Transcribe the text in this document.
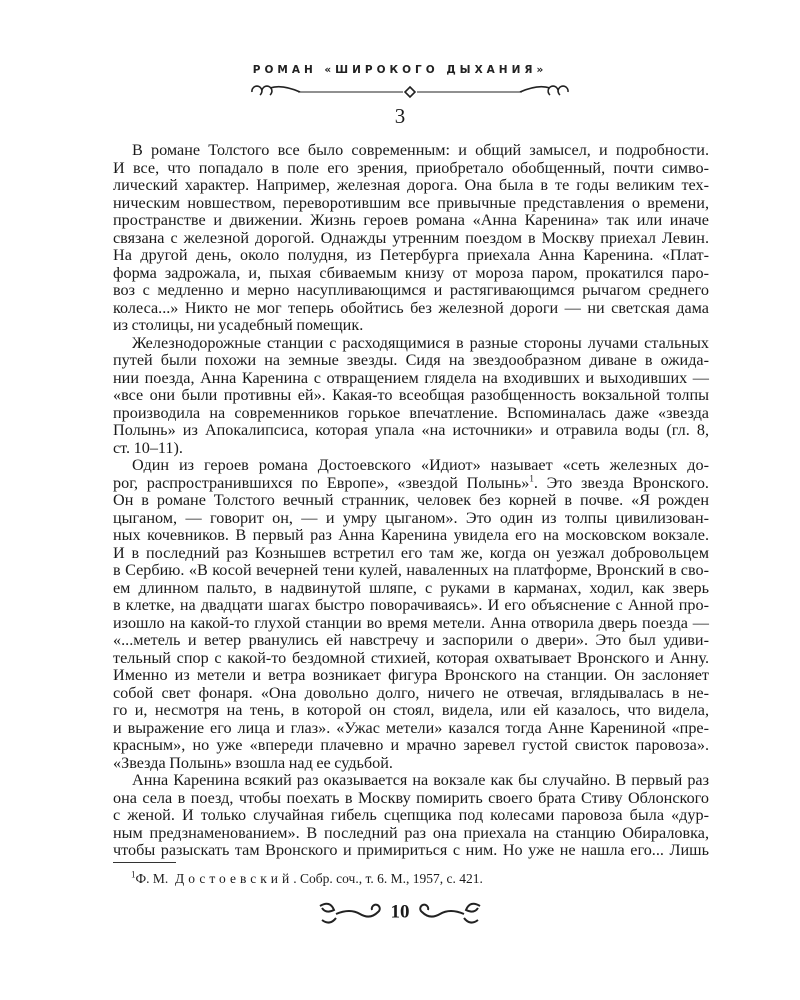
РОМАН «ШИРОКОГО ДЫХАНИЯ»
3
В романе Толстого все было современным: и общий замысел, и подробности.
И все, что попадало в поле его зрения, приобретало обобщенный, почти симво-
лический характер. Например, железная дорога. Она была в те годы великим тех-
ническим новшеством, переворотившим все привычные представления о времени,
пространстве и движении. Жизнь героев романа «Анна Каренина» так или иначе
связана с железной дорогой. Однажды утренним поездом в Москву приехал Левин.
На другой день, около полудня, из Петербурга приехала Анна Каренина. «Плат-
форма задрожала, и, пыхая сбиваемым книзу от мороза паром, прокатился паро-
воз с медленно и мерно насупливающимся и растягивающимся рычагом среднего
колеса...» Никто не мог теперь обойтись без железной дороги — ни светская дама
из столицы, ни усадебный помещик.
Железнодорожные станции с расходящимися в разные стороны лучами стальных
путей были похожи на земные звезды. Сидя на звездообразном диване в ожида-
нии поезда, Анна Каренина с отвращением глядела на входивших и выходивших —
«все они были противны ей». Какая-то всеобщая разобщенность вокзальной толпы
производила на современников горькое впечатление. Вспоминалась даже «звезда
Полынь» из Апокалипсиса, которая упала «на источники» и отравила воды (гл. 8,
ст. 10–11).
Один из героев романа Достоевского «Идиот» называет «сеть железных до-
рог, распространившихся по Европе», «звездой Полынь»$^1$. Это звезда Вронского.
Он в романе Толстого вечный странник, человек без корней в почве. «Я рожден
цыганом, — говорит он, — и умру цыганом». Это один из толпы цивилизован-
ных кочевников. В первый раз Анна Каренина увидела его на московском вокзале.
И в последний раз Кознышев встретил его там же, когда он уезжал добровольцем
в Сербию. «В косой вечерней тени кулей, наваленных на платформе, Вронский в сво-
ем длинном пальто, в надвинутой шляпе, с руками в карманах, ходил, как зверь
в клетке, на двадцати шагах быстро поворачиваясь». И его объяснение с Анной про-
изошло на какой-то глухой станции во время метели. Анна отворила дверь поезда —
«...метель и ветер рванулись ей навстречу и заспорили о двери». Это был удиви-
тельный спор с какой-то бездомной стихией, которая охватывает Вронского и Анну.
Именно из метели и ветра возникает фигура Вронского на станции. Он заслоняет
собой свет фонаря. «Она довольно долго, ничего не отвечая, вглядывалась в не-
го и, несмотря на тень, в которой он стоял, видела, или ей казалось, что видела,
и выражение его лица и глаз». «Ужас метели» казался тогда Анне Карениной «пре-
красным», но уже «впереди плачевно и мрачно заревел густой свисток паровоза».
«Звезда Полынь» взошла над ее судьбой.
Анна Каренина всякий раз оказывается на вокзале как бы случайно. В первый раз
она села в поезд, чтобы поехать в Москву помирить своего брата Стиву Облонского
с женой. И только случайная гибель сцепщика под колесами паровоза была «дур-
ным предзнаменованием». В последний раз она приехала на станцию Обираловка,
чтобы разыскать там Вронского и примириться с ним. Но уже не нашла его... Лишь
$^1$Ф. М. Достоевский. Собр. соч., т. 6. М., 1957, с. 421.
10
